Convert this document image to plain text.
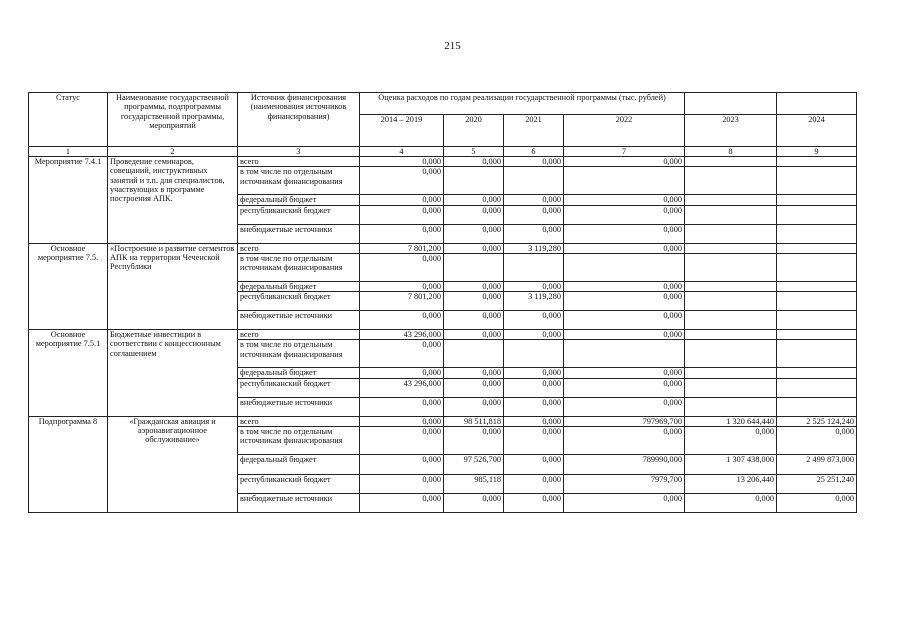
215
Статус	Наименование государственной программы, подпрограммы государственной программы, мероприятий	Источник финансирования (наименования источников финансирования)	Оценка расходов по годам реализации государственной программы (тыс. рублей)					
			2014 – 2019	2020	2021	2022	2023	2024
1	2	3	4	5	6	7	8	9
Мероприятие 7.4.1	Проведение семинаров, совещаний, инструктивных занятий и т.п. для специалистов, участвующих в программе построения АПК.	всего	0,000	0,000	0,000	0,000		
		в том числе по отдельным источникам финансирования	0,000					
		федеральный бюджет	0,000	0,000	0,000	0,000		
		республиканский бюджет	0,000	0,000	0,000	0,000		
		внебюджетные источники	0,000	0,000	0,000	0,000		
Основное мероприятие 7.5.	«Построение и развитие сегментов АПК на территории Чеченской Республики	всего	7 801,200	0,000	3 119,280	0,000		
		в том числе по отдельным источникам финансирования	0,000					
		федеральный бюджет	0,000	0,000	0,000	0,000		
		республиканский бюджет	7 801,200	0,000	3 119,280	0,000		
		внебюджетные источники	0,000	0,000	0,000	0,000		
Основное мероприятие 7.5.1	Бюджетные инвестиции в соответствии с концессионным соглашением	всего	43 296,000	0,000	0,000	0,000		
		в том числе по отдельным источникам финансирования	0,000					
		федеральный бюджет	0,000	0,000	0,000	0,000		
		республиканский бюджет	43 296,000	0,000	0,000	0,000		
		внебюджетные источники	0,000	0,000	0,000	0,000		
Подпрограмма 8	«Гражданская авиация и аэронавигационное обслуживание»	всего	0,000	98 511,818	0,000	797969,700	1 320 644,440	2 525 124,240
		в том числе по отдельным источникам финансирования	0,000	0,000	0,000	0,000	0,000	0,000
		федеральный бюджет	0,000	97 526,700	0,000	789990,000	1 307 438,000	2 499 873,000
		республиканский бюджет	0,000	985,118	0,000	7979,700	13 206,440	25 251,240
		внебюджетные источники	0,000	0,000	0,000	0,000	0,000	0,000
